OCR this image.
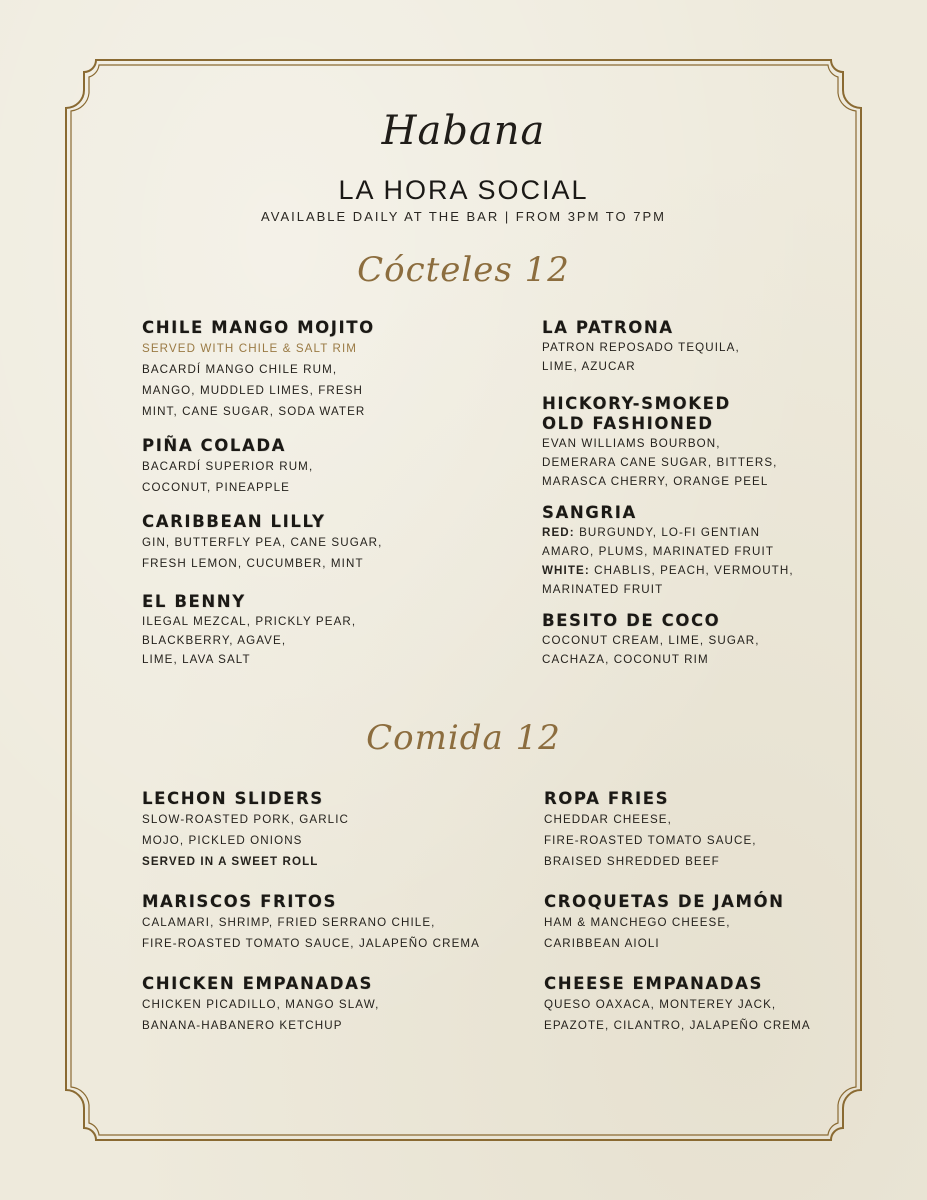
Habana
LA HORA SOCIAL
AVAILABLE DAILY AT THE BAR | FROM 3PM TO 7PM
Cócteles 12
CHILE MANGO MOJITO
SERVED WITH CHILE & SALT RIM
BACARDÍ MANGO CHILE RUM,
MANGO, MUDDLED LIMES, FRESH
MINT, CANE SUGAR, SODA WATER
PIÑA COLADA
BACARDÍ SUPERIOR RUM,
COCONUT, PINEAPPLE
CARIBBEAN LILLY
GIN, BUTTERFLY PEA, CANE SUGAR,
FRESH LEMON, CUCUMBER, MINT
EL BENNY
ILEGAL MEZCAL, PRICKLY PEAR,
BLACKBERRY, AGAVE,
LIME, LAVA SALT
LA PATRONA
PATRON REPOSADO TEQUILA,
LIME, AZUCAR
HICKORY-SMOKED
OLD FASHIONED
EVAN WILLIAMS BOURBON,
DEMERARA CANE SUGAR, BITTERS,
MARASCA CHERRY, ORANGE PEEL
SANGRIA
RED: BURGUNDY, LO-FI GENTIAN
AMARO, PLUMS, MARINATED FRUIT
WHITE: CHABLIS, PEACH, VERMOUTH,
MARINATED FRUIT
BESITO DE COCO
COCONUT CREAM, LIME, SUGAR,
CACHAZA, COCONUT RIM
Comida 12
LECHON SLIDERS
SLOW-ROASTED PORK, GARLIC
MOJO, PICKLED ONIONS
SERVED IN A SWEET ROLL
MARISCOS FRITOS
CALAMARI, SHRIMP, FRIED SERRANO CHILE,
FIRE-ROASTED TOMATO SAUCE, JALAPEÑO CREMA
CHICKEN EMPANADAS
CHICKEN PICADILLO, MANGO SLAW,
BANANA-HABANERO KETCHUP
ROPA FRIES
CHEDDAR CHEESE,
FIRE-ROASTED TOMATO SAUCE,
BRAISED SHREDDED BEEF
CROQUETAS DE JAMÓN
HAM & MANCHEGO CHEESE,
CARIBBEAN AIOLI
CHEESE EMPANADAS
QUESO OAXACA, MONTEREY JACK,
EPAZOTE, CILANTRO, JALAPEÑO CREMA
